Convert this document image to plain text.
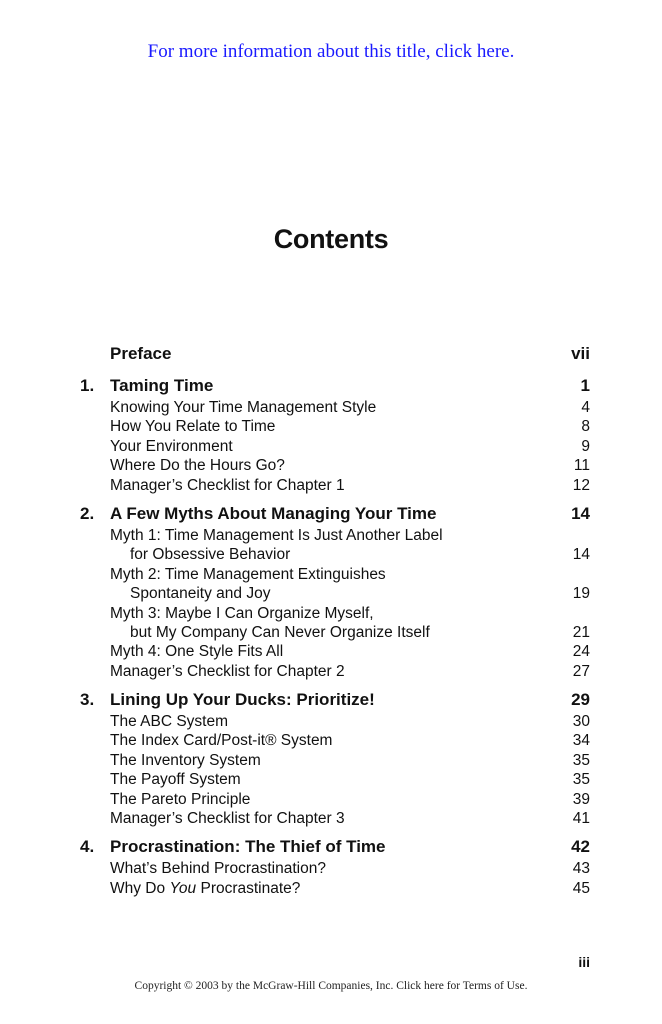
For more information about this title, click here.
Contents
Preface	vii
1. Taming Time	1
Knowing Your Time Management Style	4
How You Relate to Time	8
Your Environment	9
Where Do the Hours Go?	11
Manager’s Checklist for Chapter 1	12
2. A Few Myths About Managing Your Time	14
Myth 1: Time Management Is Just Another Label
for Obsessive Behavior	14
Myth 2: Time Management Extinguishes
Spontaneity and Joy	19
Myth 3: Maybe I Can Organize Myself,
but My Company Can Never Organize Itself	21
Myth 4: One Style Fits All	24
Manager’s Checklist for Chapter 2	27
3. Lining Up Your Ducks: Prioritize!	29
The ABC System	30
The Index Card/Post-it® System	34
The Inventory System	35
The Payoff System	35
The Pareto Principle	39
Manager’s Checklist for Chapter 3	41
4. Procrastination: The Thief of Time	42
What’s Behind Procrastination?	43
Why Do You Procrastinate?	45
iii
Copyright © 2003 by the McGraw-Hill Companies, Inc. Click here for Terms of Use.
